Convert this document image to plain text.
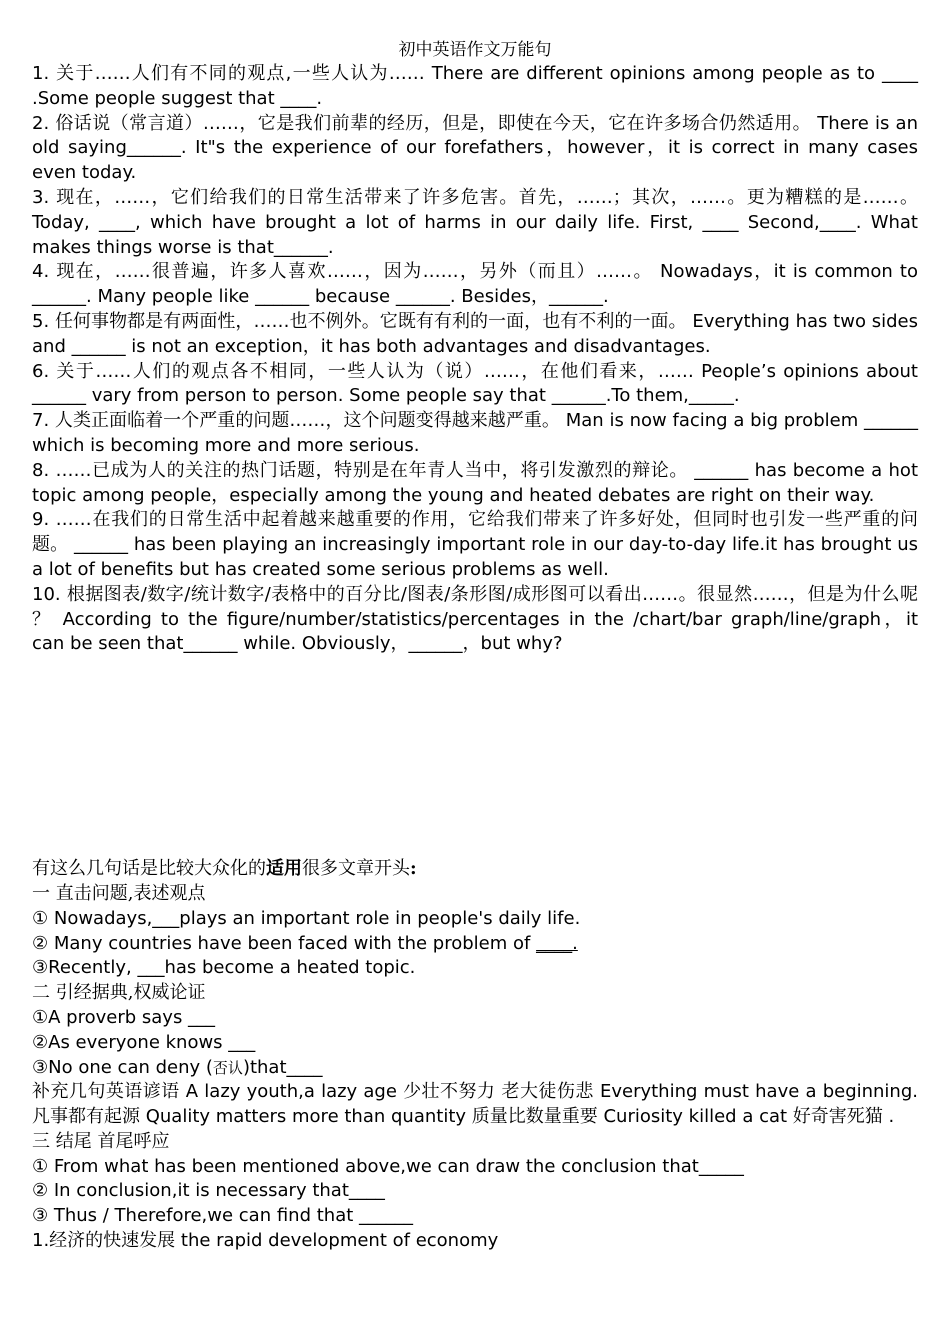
初中英语作文万能句

1. 关于……人们有不同的观点,一些人认为…… There are different opinions among people as to ____ .Some people suggest that ____.

2. 俗话说（常言道）……，它是我们前辈的经历，但是，即使在今天，它在许多场合仍然适用。 There is an old saying______. It"s the experience of our forefathers，however，it is correct in many cases even today.

3. 现在，……，它们给我们的日常生活带来了许多危害。首先，……；其次，……。更为糟糕的是……。Today, ____, which have brought a lot of harms in our daily life. First, ____ Second,____. What makes things worse is that______.

4. 现在，……很普遍，许多人喜欢……，因为……，另外（而且）……。 Nowadays，it is common to ______. Many people like ______ because ______. Besides，______.

5. 任何事物都是有两面性，……也不例外。它既有有利的一面，也有不利的一面。 Everything has two sides and ______ is not an exception，it has both advantages and disadvantages.

6. 关于……人们的观点各不相同，一些人认为（说）……，在他们看来，…… People’s opinions about ______ vary from person to person. Some people say that ______.To them,_____.

7. 人类正面临着一个严重的问题……，这个问题变得越来越严重。 Man is now facing a big problem ______ which is becoming more and more serious.

8. ……已成为人的关注的热门话题，特别是在年青人当中，将引发激烈的辩论。 ______ has become a hot topic among people，especially among the young and heated debates are right on their way.

9. ……在我们的日常生活中起着越来越重要的作用，它给我们带来了许多好处，但同时也引发一些严重的问题。 ______ has been playing an increasingly important role in our day-to-day life.it has brought us a lot of benefits but has created some serious problems as well.

10. 根据图表/数字/统计数字/表格中的百分比/图表/条形图/成形图可以看出……。很显然……，但是为什么呢 ？ According to the figure/number/statistics/percentages in the /chart/bar graph/line/graph，it can be seen that______ while. Obviously，______，but why?

有这么几句话是比较大众化的适用很多文章开头:

一 直击问题,表述观点

① Nowadays,___plays an important role in people's daily life.

② Many countries have been faced with the problem of ____.

③Recently, ___has become a heated topic.

二 引经据典,权威论证

①A proverb says ___

②As everyone knows ___

③No one can deny (否认)that____

补充几句英语谚语 A lazy youth,a lazy age 少壮不努力 老大徒伤悲 Everything must have a beginning.凡事都有起源 Quality matters more than quantity 质量比数量重要 Curiosity killed a cat 好奇害死猫 .

三 结尾 首尾呼应

① From what has been mentioned above,we can draw the conclusion that_____

② In conclusion,it is necessary that____

③ Thus / Therefore,we can find that ______

1.经济的快速发展 the rapid development of economy
